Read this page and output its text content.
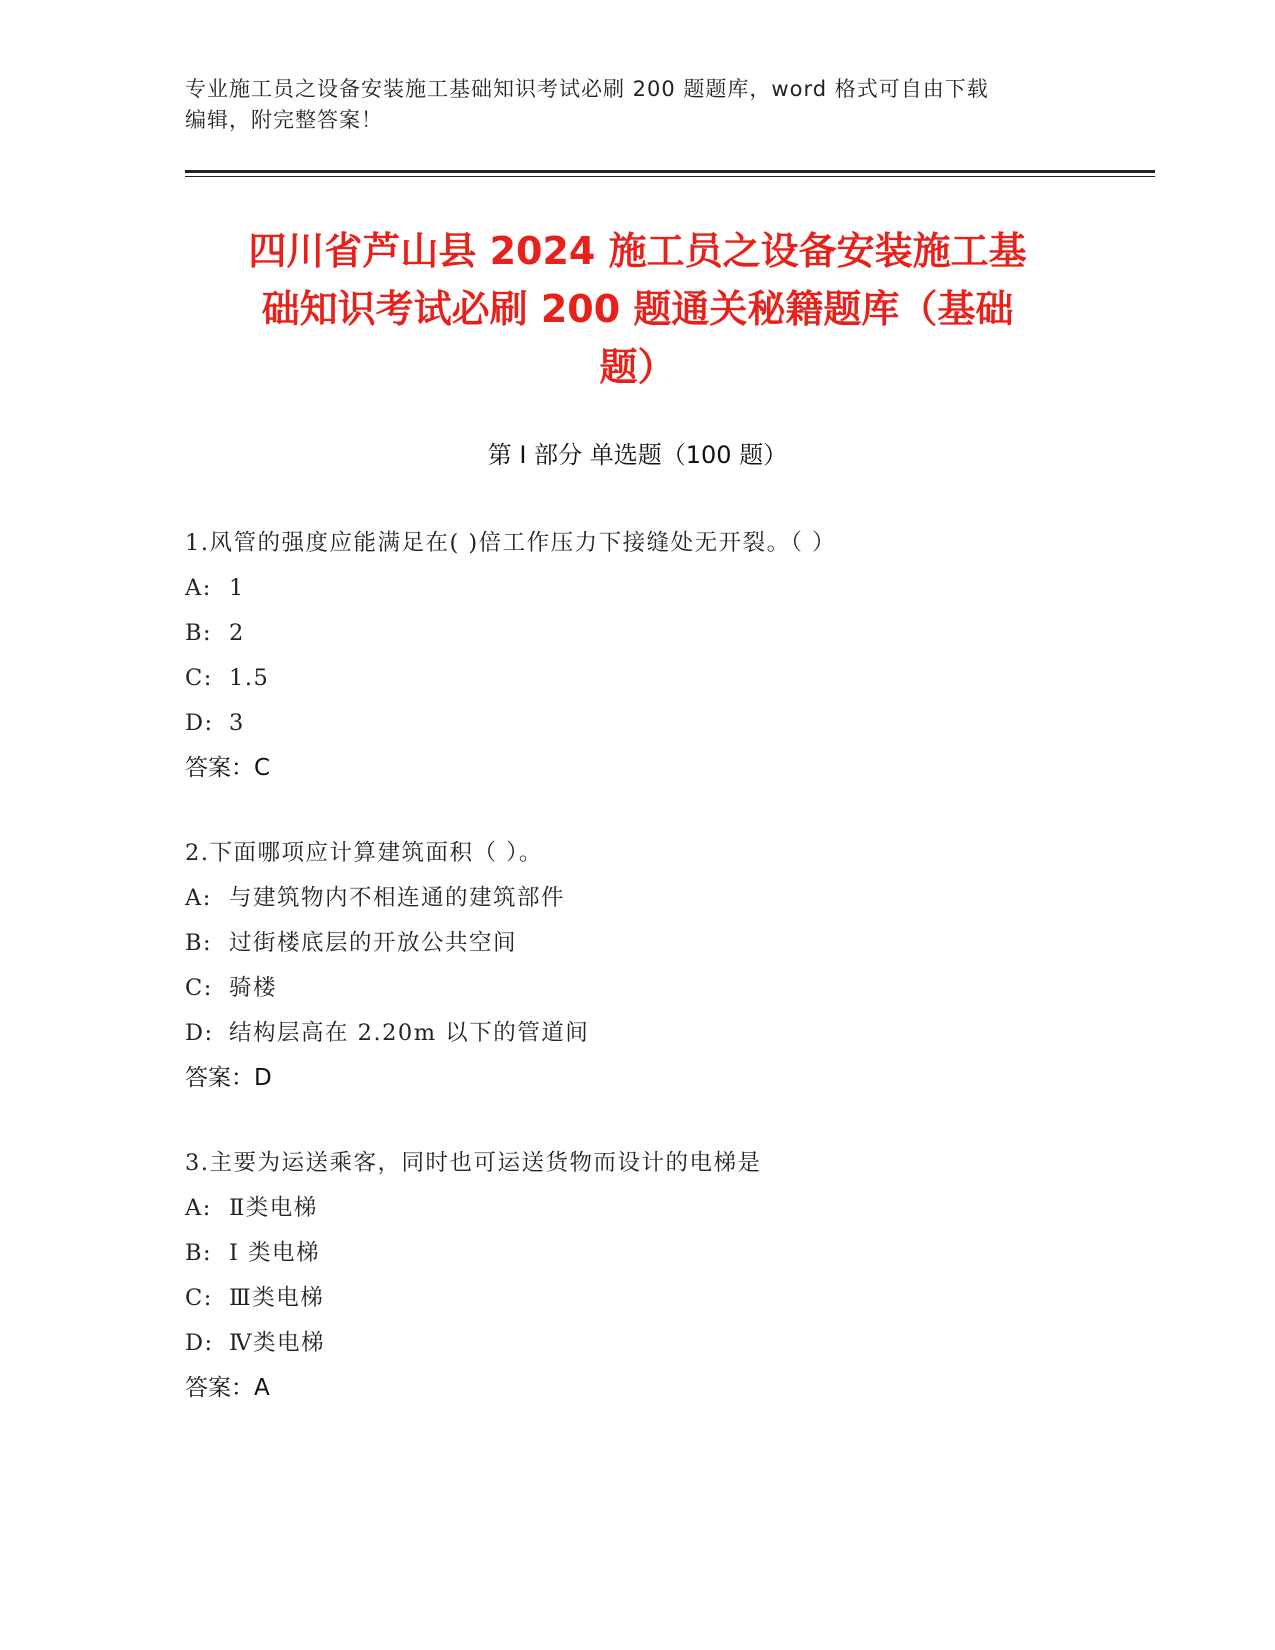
专业施工员之设备安装施工基础知识考试必刷 200 题题库，word 格式可自由下载
编辑，附完整答案！
四川省芦山县 2024 施工员之设备安装施工基
础知识考试必刷 200 题通关秘籍题库（基础
题）
第 I 部分 单选题（100 题）
1.风管的强度应能满足在( )倍工作压力下接缝处无开裂。（ ）
A: 1
B: 2
C: 1.5
D: 3
答案：C
2.下面哪项应计算建筑面积（ ）。
A: 与建筑物内不相连通的建筑部件
B: 过街楼底层的开放公共空间
C: 骑楼
D: 结构层高在 2.20m 以下的管道间
答案：D
3.主要为运送乘客，同时也可运送货物而设计的电梯是
A: Ⅱ类电梯
B: I 类电梯
C: Ⅲ类电梯
D: Ⅳ类电梯
答案：A
